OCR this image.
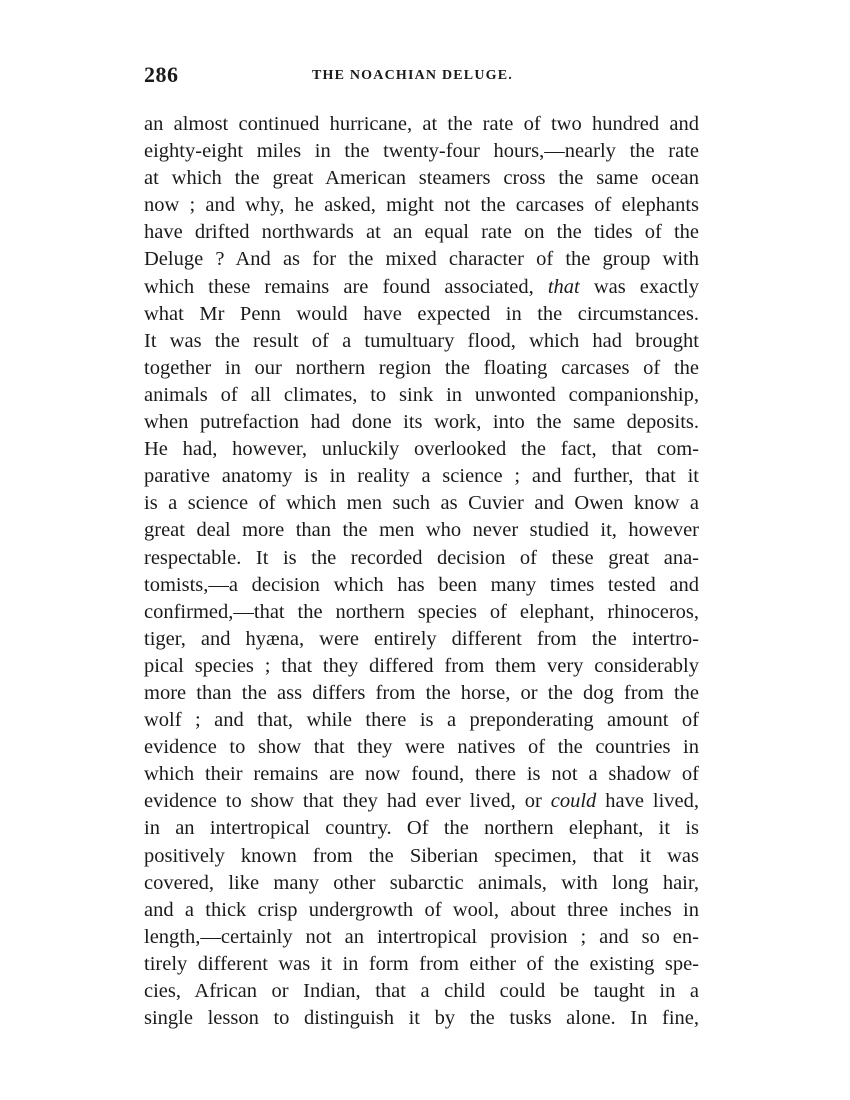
286	THE NOACHIAN DELUGE.
an almost continued hurricane, at the rate of two hundred and
eighty-eight miles in the twenty-four hours,—nearly the rate
at which the great American steamers cross the same ocean
now ; and why, he asked, might not the carcases of elephants
have drifted northwards at an equal rate on the tides of the
Deluge ? And as for the mixed character of the group with
which these remains are found associated, that was exactly
what Mr Penn would have expected in the circumstances.
It was the result of a tumultuary flood, which had brought
together in our northern region the floating carcases of the
animals of all climates, to sink in unwonted companionship,
when putrefaction had done its work, into the same deposits.
He had, however, unluckily overlooked the fact, that com-
parative anatomy is in reality a science ; and further, that it
is a science of which men such as Cuvier and Owen know a
great deal more than the men who never studied it, however
respectable. It is the recorded decision of these great ana-
tomists,—a decision which has been many times tested and
confirmed,—that the northern species of elephant, rhinoceros,
tiger, and hyæna, were entirely different from the intertro-
pical species ; that they differed from them very considerably
more than the ass differs from the horse, or the dog from the
wolf ; and that, while there is a preponderating amount of
evidence to show that they were natives of the countries in
which their remains are now found, there is not a shadow of
evidence to show that they had ever lived, or could have lived,
in an intertropical country. Of the northern elephant, it is
positively known from the Siberian specimen, that it was
covered, like many other subarctic animals, with long hair,
and a thick crisp undergrowth of wool, about three inches in
length,—certainly not an intertropical provision ; and so en-
tirely different was it in form from either of the existing spe-
cies, African or Indian, that a child could be taught in a
single lesson to distinguish it by the tusks alone. In fine,
